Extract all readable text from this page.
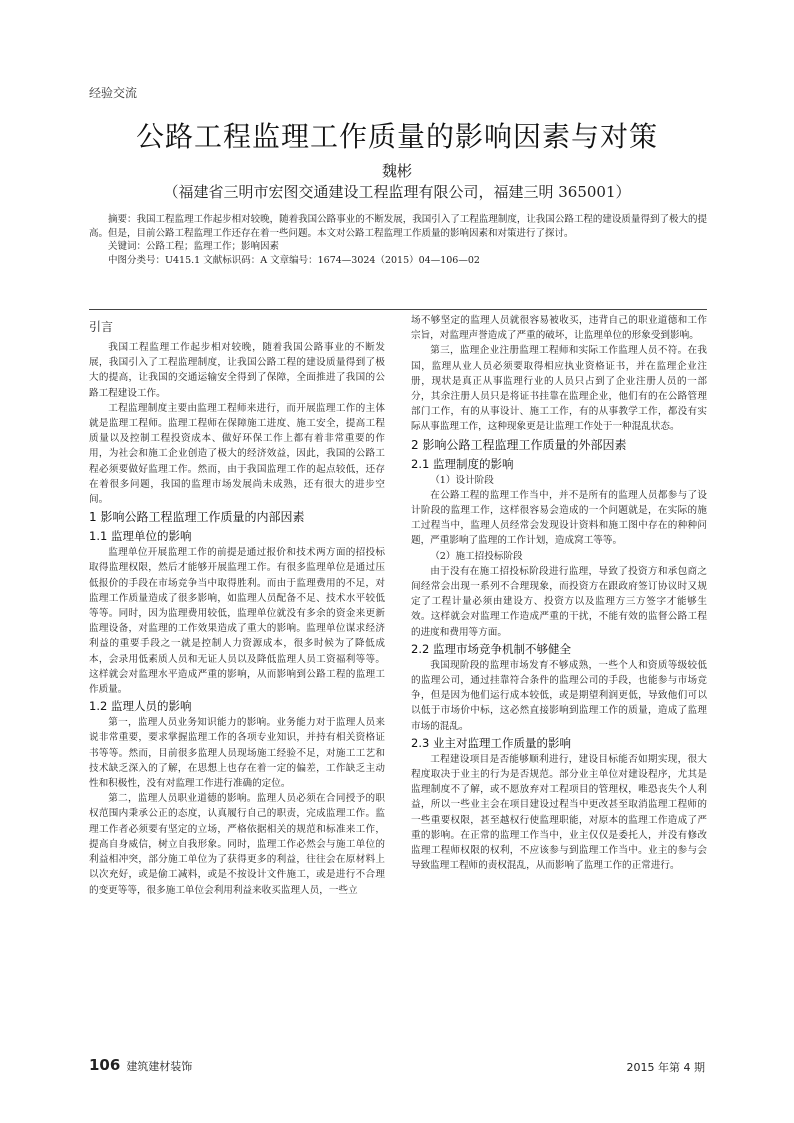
经验交流
公路工程监理工作质量的影响因素与对策
魏彬
（福建省三明市宏图交通建设工程监理有限公司，福建三明 365001）

摘要：我国工程监理工作起步相对较晚，随着我国公路事业的不断发展，我国引入了工程监理制度，让我国公路工程的建设质量得到了极大的提高。但是，目前公路工程监理工作还存在着一些问题。本文对公路工程监理工作质量的影响因素和对策进行了探讨。

关键词：公路工程；监理工作；影响因素

中图分类号：U415.1 文献标识码：A 文章编号：1674—3024（2015）04—106—02

引言

我国工程监理工作起步相对较晚，随着我国公路事业的不断发展，我国引入了工程监理制度，让我国公路工程的建设质量得到了极大的提高，让我国的交通运输安全得到了保障，全面推进了我国的公路工程建设工作。

工程监理制度主要由监理工程师来进行，而开展监理工作的主体就是监理工程师。监理工程师在保障施工进度、施工安全，提高工程质量以及控制工程投资成本、做好环保工作上都有着非常重要的作用，为社会和施工企业创造了极大的经济效益，因此，我国的公路工程必须要做好监理工作。然而，由于我国监理工作的起点较低，还存在着很多问题，我国的监理市场发展尚未成熟，还有很大的进步空间。

1 影响公路工程监理工作质量的内部因素

1.1 监理单位的影响

监理单位开展监理工作的前提是通过报价和技术两方面的招投标取得监理权限，然后才能够开展监理工作。有很多监理单位是通过压低报价的手段在市场竞争当中取得胜利。而由于监理费用的不足，对监理工作质量造成了很多影响，如监理人员配备不足、技术水平较低等等。同时，因为监理费用较低，监理单位就没有多余的资金来更新监理设备，对监理的工作效果造成了重大的影响。监理单位谋求经济利益的重要手段之一就是控制人力资源成本，很多时候为了降低成本，会录用低素质人员和无证人员以及降低监理人员工资福利等等。这样就会对监理水平造成严重的影响，从而影响到公路工程的监理工作质量。

1.2 监理人员的影响

第一，监理人员业务知识能力的影响。业务能力对于监理人员来说非常重要，要求掌握监理工作的各项专业知识，并持有相关资格证书等等。然而，目前很多监理人员现场施工经验不足，对施工工艺和技术缺乏深入的了解，在思想上也存在着一定的偏差，工作缺乏主动性和积极性，没有对监理工作进行准确的定位。

第二，监理人员职业道德的影响。监理人员必须在合同授予的职权范围内秉承公正的态度，认真履行自己的职责，完成监理工作。监理工作者必须要有坚定的立场，严格依据相关的规范和标准来工作，提高自身威信，树立自我形象。同时，监理工作必然会与施工单位的利益相冲突，部分施工单位为了获得更多的利益，往往会在原材料上以次充好，或是偷工减料，或是不按设计文件施工，或是进行不合理的变更等等，很多施工单位会利用利益来收买监理人员，一些立

场不够坚定的监理人员就很容易被收买，违背自己的职业道德和工作宗旨，对监理声誉造成了严重的破坏，让监理单位的形象受到影响。

第三，监理企业注册监理工程师和实际工作监理人员不符。在我国，监理从业人员必须要取得相应执业资格证书，并在监理企业注册，现状是真正从事监理行业的人员只占到了企业注册人员的一部分，其余注册人员只是将证书挂靠在监理企业，他们有的在公路管理部门工作，有的从事设计、施工工作，有的从事教学工作，都没有实际从事监理工作，这种现象更是让监理工作处于一种混乱状态。

2 影响公路工程监理工作质量的外部因素

2.1 监理制度的影响

（1）设计阶段

在公路工程的监理工作当中，并不是所有的监理人员都参与了设计阶段的监理工作，这样很容易会造成的一个问题就是，在实际的施工过程当中，监理人员经常会发现设计资料和施工图中存在的种种问题，严重影响了监理的工作计划，造成窝工等等。

（2）施工招投标阶段

由于没有在施工招投标阶段进行监理，导致了投资方和承包商之间经常会出现一系列不合理现象，而投资方在跟政府签订协议时又规定了工程计量必须由建设方、投资方以及监理方三方签字才能够生效。这样就会对监理工作造成严重的干扰，不能有效的监督公路工程的进度和费用等方面。

2.2 监理市场竞争机制不够健全

我国现阶段的监理市场发育不够成熟，一些个人和资质等级较低的监理公司，通过挂靠符合条件的监理公司的手段，也能参与市场竞争，但是因为他们运行成本较低，或是期望利润更低，导致他们可以以低于市场价中标，这必然直接影响到监理工作的质量，造成了监理市场的混乱。

2.3 业主对监理工作质量的影响

工程建设项目是否能够顺利进行，建设目标能否如期实现，很大程度取决于业主的行为是否规范。部分业主单位对建设程序，尤其是监理制度不了解，或不愿放弃对工程项目的管理权，唯恐丧失个人利益，所以一些业主会在项目建设过程当中更改甚至取消监理工程师的一些重要权限，甚至越权行使监理职能，对原本的监理工作造成了严重的影响。在正常的监理工作当中，业主仅仅是委托人，并没有修改监理工程师权限的权利，不应该参与到监理工作当中。业主的参与会导致监理工程师的责权混乱，从而影响了监理工作的正常进行。

106 建筑建材装饰	2015 年第 4 期
